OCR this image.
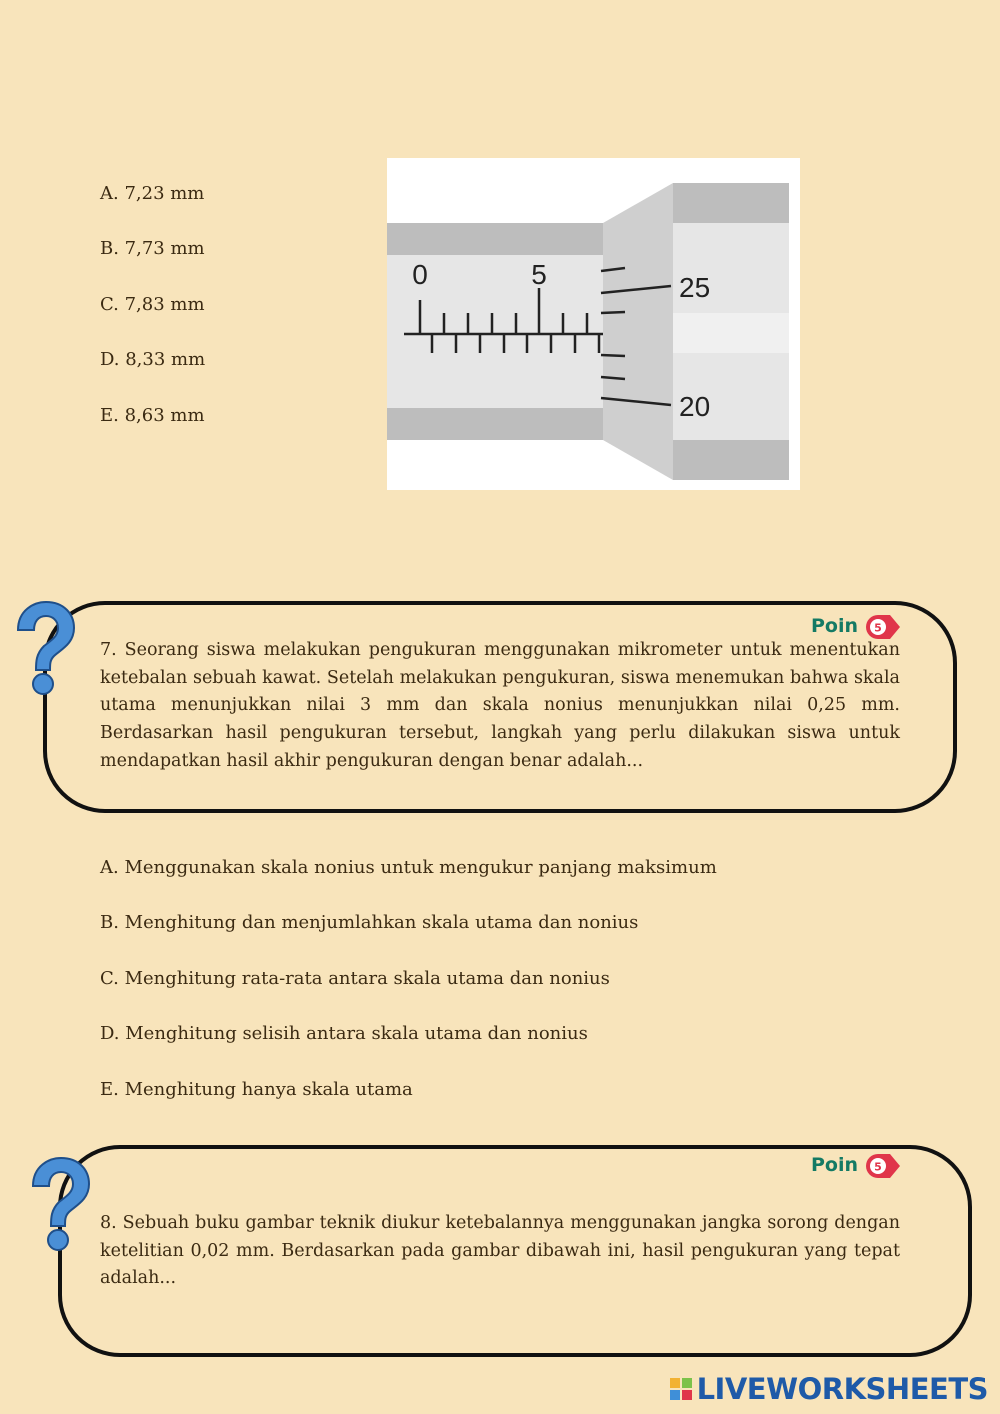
A. 7,23 mm
B. 7,73 mm
C. 7,83 mm
D. 8,33 mm
E. 8,63 mm
0	5	25
20
Poin 5
7. Seorang siswa melakukan pengukuran menggunakan mikrometer untuk menentukan ketebalan sebuah kawat. Setelah melakukan pengukuran, siswa menemukan bahwa skala utama menunjukkan nilai 3 mm dan skala nonius menunjukkan nilai 0,25 mm. Berdasarkan hasil pengukuran tersebut, langkah yang perlu dilakukan siswa untuk mendapatkan hasil akhir pengukuran dengan benar adalah...
A. Menggunakan skala nonius untuk mengukur panjang maksimum
B. Menghitung dan menjumlahkan skala utama dan nonius
C. Menghitung rata-rata antara skala utama dan nonius
D. Menghitung selisih antara skala utama dan nonius
E. Menghitung hanya skala utama
Poin 5
8. Sebuah buku gambar teknik diukur ketebalannya menggunakan jangka sorong dengan ketelitian 0,02 mm. Berdasarkan pada gambar dibawah ini, hasil pengukuran yang tepat adalah...
LIVEWORKSHEETS
